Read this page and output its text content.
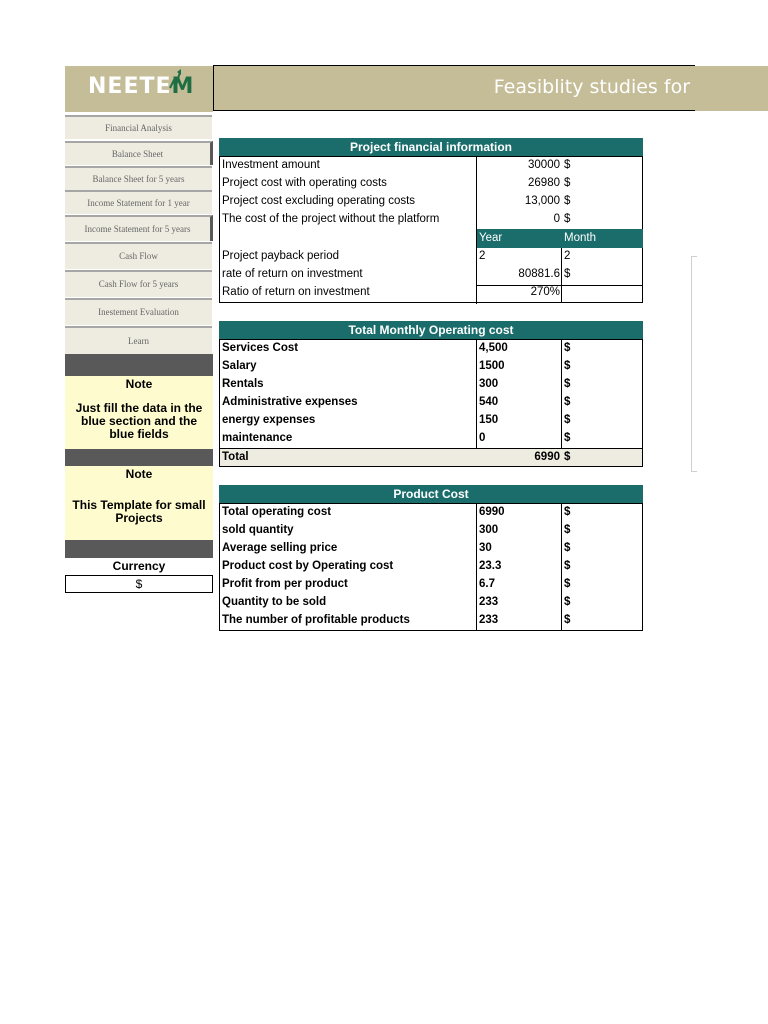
NEETEM	Feasiblity studies for
Financial Analysis
Balance Sheet
Balance Sheet for 5 years
Income Statement for 1 year
Income Statement for 5 years
Cash Flow
Cash Flow for 5 years
Inestement Evaluation
Learn
Note
Just fill the data in the blue section and the blue fields
Note
This Template for small Projects
Currency
$
Project financial information
Investment amount	30000 $
Project cost with operating costs	26980 $
Project cost excluding operating costs	13,000 $
The cost of the project without the platform	0 $
Year	Month
Project payback period	2	2
rate of return on investment	80881.6 $
Ratio of return on investment	270%
Total Monthly Operating cost
Services Cost	4,500	$
Salary	1500	$
Rentals	300	$
Administrative expenses	540	$
energy expenses	150	$
maintenance	0	$
Total	6990 $
Product Cost
Total operating cost	6990	$
sold quantity	300	$
Average selling price	30	$
Product cost by Operating cost	23.3	$
Profit from per product	6.7	$
Quantity to be sold	233	$
The number of profitable products	233	$
